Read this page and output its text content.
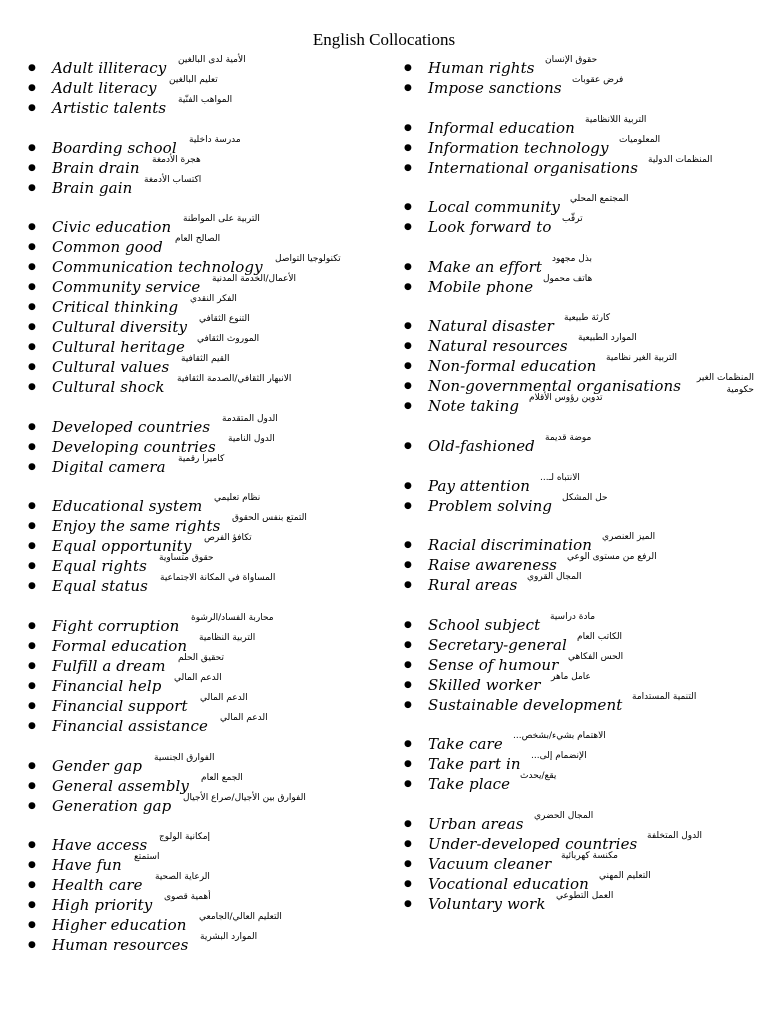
English Collocations
● Adult illiteracy الأمية لدى البالغين
● Adult literacy تعليم البالغين
● Artistic talents المواهب الفنّية
● Boarding school مدرسة داخلية
● Brain drain هجرة الأدمغة
● Brain gain اكتساب الأدمغة
● Civic education التربية على المواطنة
● Common good الصالح العام
● Communication technology تكنولوجيا التواصل
● Community service الأعمال/الخدمة المدنية
● Critical thinking الفكر النقدي
● Cultural diversity التنوع الثقافي
● Cultural heritage الموروث الثقافي
● Cultural values القيم الثقافية
● Cultural shock الانبهار الثقافي/الصدمة الثقافية
● Developed countries الدول المتقدمة
● Developing countries الدول النامية
● Digital camera كاميرا رقمية
● Educational system نظام تعليمي
● Enjoy the same rights التمتع بنفس الحقوق
● Equal opportunity تكافؤ الفرص
● Equal rights حقوق متساوية
● Equal status المساواة في المكانة الاجتماعية
● Fight corruption محاربة الفساد/الرشوة
● Formal education التربية النظامية
● Fulfill a dream تحقيق الحلم
● Financial help الدعم المالي
● Financial support الدعم المالي
● Financial assistance الدعم المالي
● Gender gap الفوارق الجنسية
● General assembly الجمع العام
● Generation gap الفوارق بين الأجيال/صراع الأجيال
● Have access إمكانية الولوج
● Have fun استمتع
● Health care الرعاية الصحية
● High priority أهمية قصوى
● Higher education التعليم العالي/الجامعي
● Human resources الموارد البشرية
● Human rights حقوق الإنسان
● Impose sanctions فرض عقوبات
● Informal education التربية اللانظامية
● Information technology المعلوميات
● International organisations المنظمات الدولية
● Local community المجتمع المحلي
● Look forward to ترقّب
● Make an effort بذل مجهود
● Mobile phone هاتف محمول
● Natural disaster كارثة طبيعية
● Natural resources الموارد الطبيعية
● Non-formal education التربية الغير نظامية
● Non-governmental organisations	المنظمات الغير حكومية
● Note taking تدوين رؤوس الأقلام
● Old-fashioned موضة قديمة
● Pay attention الانتباه لـ...
● Problem solving حل المشكل
● Racial discrimination الميز العنصري
● Raise awareness الرفع من مستوى الوعي
● Rural areas المجال القروي
● School subject مادة دراسية
● Secretary-general الكاتب العام
● Sense of humour الحس الفكاهي
● Skilled worker عامل ماهر
● Sustainable development التنمية المستدامة
● Take care الاهتمام بشيء/بشخص...
● Take part in الإنضمام إلى...
● Take place يقع/يحدث
● Urban areas المجال الحضري
● Under-developed countries الدول المتخلفة
● Vacuum cleaner مكنسة كهربائية
● Vocational education التعليم المهني
● Voluntary work العمل التطوعي
